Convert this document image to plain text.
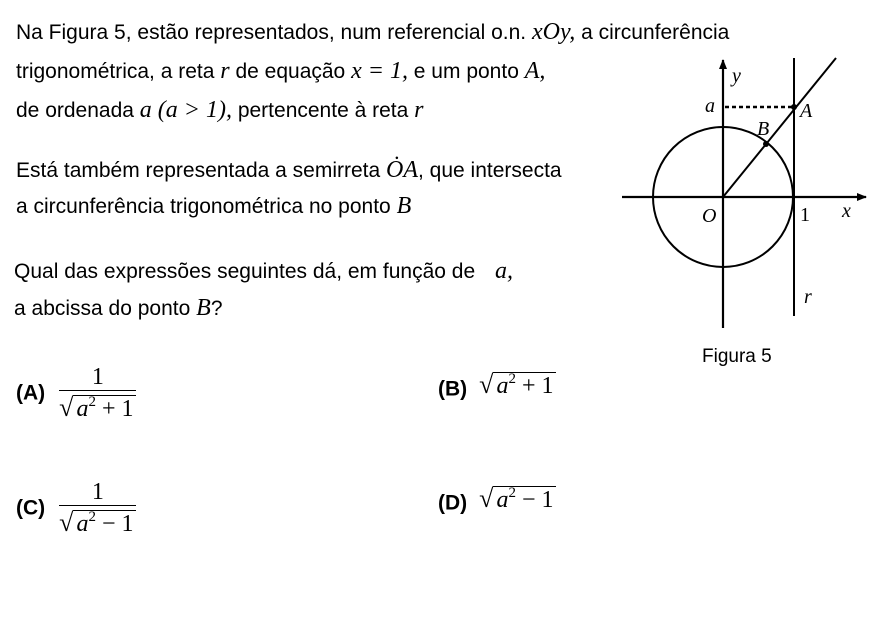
Na Figura 5, estão representados, num referencial o.n. xOy, a circunferência
trigonométrica, a reta r de equação x = 1, e um ponto A,
de ordenada a (a > 1), pertencente à reta r
Está também representada a semirreta ȮA, que intersecta
a circunferência trigonométrica no ponto B
Qual das expressões seguintes dá, em função de a,
a abcissa do ponto B?
$(A) \frac{1}{√ a^2 + 1}$	(B) √ $a^2 + 1$
$(C) \frac{1}{√ a^2 - 1}$	(D) √ $a^2 - 1$
y
x
O	1
a	A
B
r
Figura 5
